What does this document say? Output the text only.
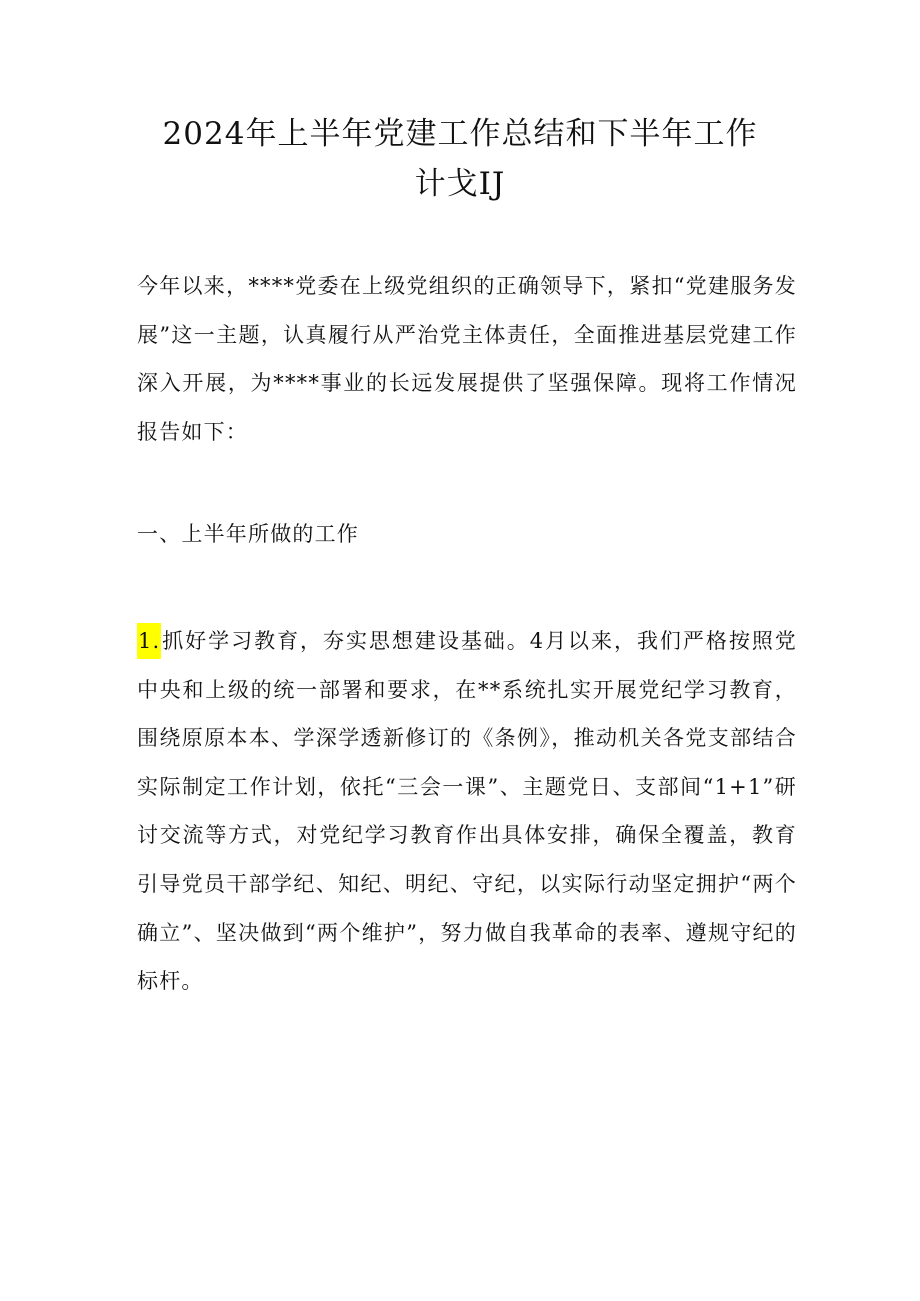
2024年上半年党建工作总结和下半年工作
计戈IJ

今年以来，****党委在上级党组织的正确领导下，紧扣“党建服务发展”这一主题，认真履行从严治党主体责任，全面推进基层党建工作深入开展，为****事业的长远发展提供了坚强保障。现将工作情况报告如下：

一、上半年所做的工作

1.抓好学习教育，夯实思想建设基础。4月以来，我们严格按照党中央和上级的统一部署和要求，在**系统扎实开展党纪学习教育，围绕原原本本、学深学透新修订的《条例》，推动机关各党支部结合实际制定工作计划，依托“三会一课”、主题党日、支部间“1+1”研讨交流等方式，对党纪学习教育作出具体安排，确保全覆盖，教育引导党员干部学纪、知纪、明纪、守纪，以实际行动坚定拥护“两个确立”、坚决做到“两个维护”，努力做自我革命的表率、遵规守纪的标杆。
